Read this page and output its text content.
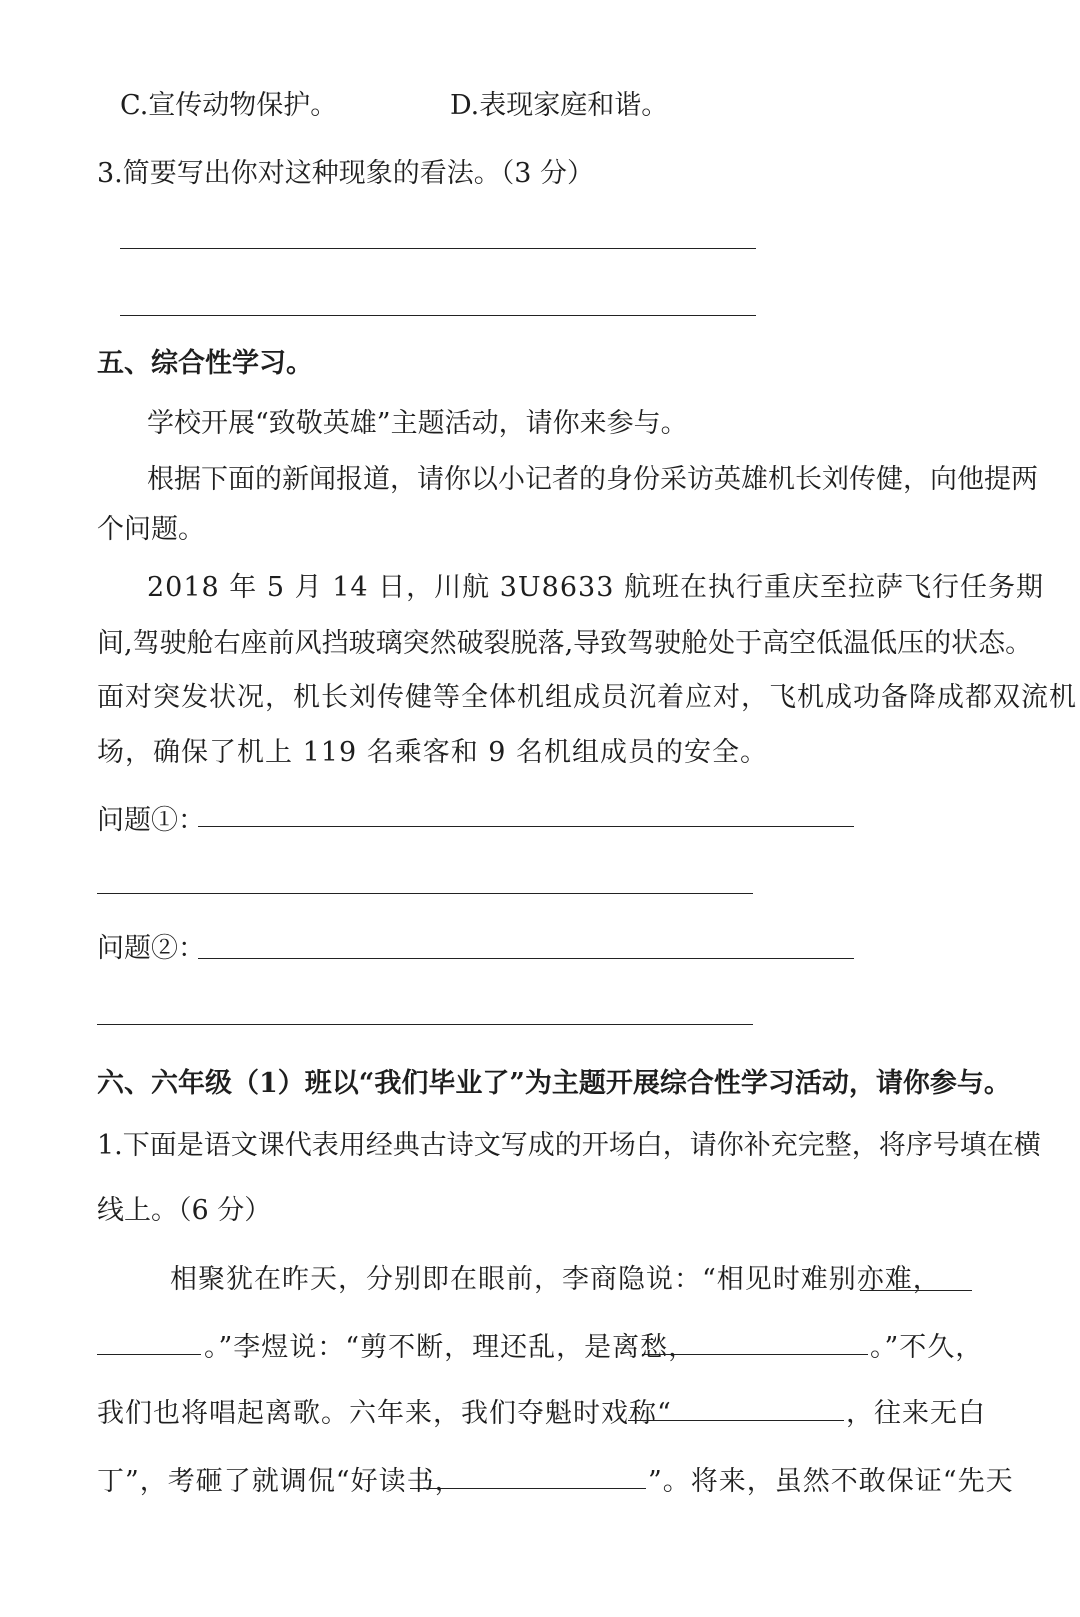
C.宣传动物保护。	D.表现家庭和谐。
3.简要写出你对这种现象的看法。（3 分）
五、综合性学习。
学校开展“致敬英雄”主题活动，请你来参与。
根据下面的新闻报道，请你以小记者的身份采访英雄机长刘传健，向他提两
个问题。
2018 年 5 月 14 日，川航 3U8633 航班在执行重庆至拉萨飞行任务期
间,驾驶舱右座前风挡玻璃突然破裂脱落,导致驾驶舱处于高空低温低压的状态。
面对突发状况，机长刘传健等全体机组成员沉着应对，飞机成功备降成都双流机
场，确保了机上 119 名乘客和 9 名机组成员的安全。
问题①：
问题②：
六、六年级（1）班以“我们毕业了”为主题开展综合性学习活动，请你参与。
1.下面是语文课代表用经典古诗文写成的开场白，请你补充完整，将序号填在横
线上。（6 分）
相聚犹在昨天，分别即在眼前，李商隐说：“相见时难别亦难，
。”李煜说：“剪不断，理还乱，是离愁，	。”不久，
我们也将唱起离歌。六年来，我们夺魁时戏称“	，往来无白
丁”，考砸了就调侃“好读书，	”。将来，虽然不敢保证“先天
